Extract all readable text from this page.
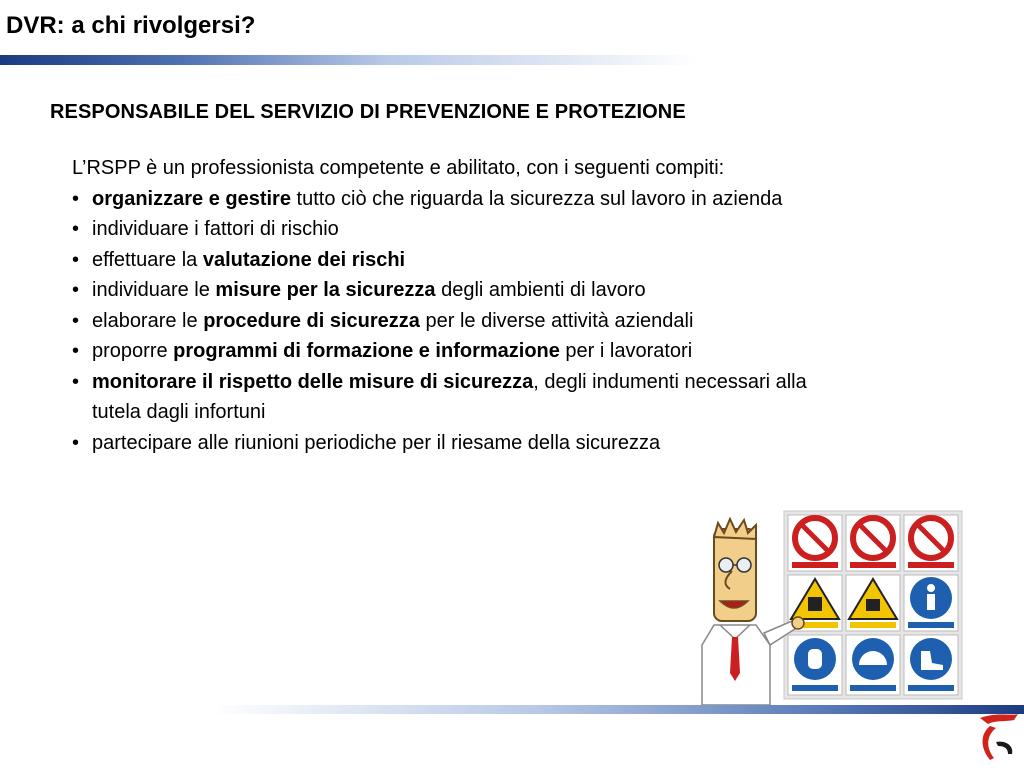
DVR: a chi rivolgersi?
RESPONSABILE DEL SERVIZIO DI PREVENZIONE E PROTEZIONE

L’RSPP è un professionista competente e abilitato, con i seguenti compiti:

• organizzare e gestire tutto ciò che riguarda la sicurezza sul lavoro in azienda
• individuare i fattori di rischio
• effettuare la valutazione dei rischi
• individuare le misure per la sicurezza degli ambienti di lavoro
• elaborare le procedure di sicurezza per le diverse attività aziendali
• proporre programmi di formazione e informazione per i lavoratori
• monitorare il rispetto delle misure di sicurezza, degli indumenti necessari alla tutela dagli infortuni
• partecipare alle riunioni periodiche per il riesame della sicurezza
